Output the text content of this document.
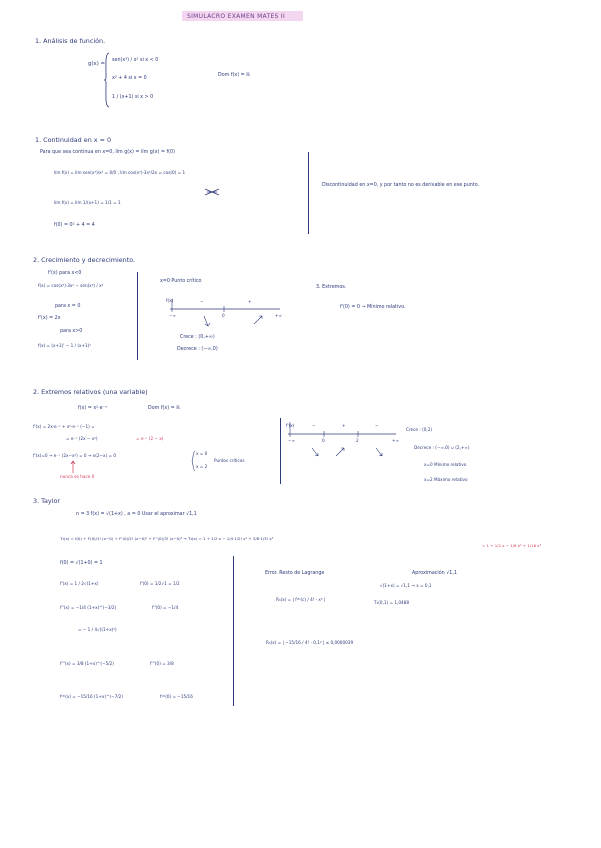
SIMULACRO EXAMEN MATES II
1. Análisis de función.
g(x) =
sen(x³) / x² si x < 0
x² + 4 si x = 0
1 / (x+1) si x > 0
Dom f(x) = ℝ
1. Continuidad en x = 0
Para que sea continua en x=0, lím g(x) = lím g(x) = f(0)
lím f(x) = lím sen(x³)/x² = 0/0 ; lím cos(x³)·3x²/2x = cos(0) = 1
lím f(x) = lím 1/(x+1) = 1/1 = 1
f(0) = 0² + 4 = 4
Discontinuidad en x=0, y por tanto no es derivable en ese punto.
2. Crecimiento y decrecimiento.
f'(x) para x<0
f(x) = cos(x³)·3x² − sen(x³) / x⁴
para x = 0
f'(x) = 2x
para x>0
f(x) = (x+1)' − 1 / (x+1)²
x=0 Punto crítico
f(x)	−	+
−∞	0	+∞
Crece : (0,+∞)
Decrece : (−∞,0)
3. Extremos.
f'(0) = 0 → Mínimo relativo.
2. Extremos relativos (una variable)
f(x) = x²·e⁻ˣ	Dom f(x) = ℝ
f'(x) = 2x·e⁻ˣ + x²·e⁻ˣ (−1) =
= e⁻ˣ (2x − x²)	= e⁻ˣ (2 − x)
f'(x)=0 → e⁻ˣ (2x−x²) = 0 → x(2−x) = 0	x = 0
x = 2
Puntos críticos
nunca se hace 0
f'(x)	−	+	−
−∞	0	2	+∞
Crece : (0,2)
Decrece : (−∞,0) ∪ (2,+∞)
x=0 Mínimo relativo
x=2 Máximo relativo
3. Taylor
n = 3 f(x) = √(1+x) , a = 0 Usar el aproximar √1,1
T₃(x) = f(0) + f'(0)/1! (x−0) + f''(0)/2! (x−0)² + f'''(0)/3! (x−0)³ → T₃(x) = 1 + 1/2 x − 1/4·1/2! x² + 3/8·1/3! x³
= 1 + 1/2 x − 1/8 x² + 1/16 x³
f(0) = √(1+0) = 1
f'(x) = 1 / 2√(1+x)	f'(0) = 1/2√1 = 1/2
f''(x) = −1/4 (1+x)^(−3/2)	f''(0) = −1/4
= − 1 / 4√((1+x)³)
f'''(x) = 3/8 (1+x)^(−5/2)	f'''(0) = 3/8
f⁽⁴⁾(x) = −15/16 (1+x)^(−7/2)	f⁽⁴⁾(0) = −15/16
Error. Resto de Lagrange	Aproximación √1,1
√(1+x) = √1,1 → x = 0,1
T₃(0,1) = 1,0488
R₃(x) = | f⁽⁴⁾(c) / 4! · x⁴ |
R₃(x) = | −15/16 / 4! · 0,1⁴ | ≤ 0,0000039
